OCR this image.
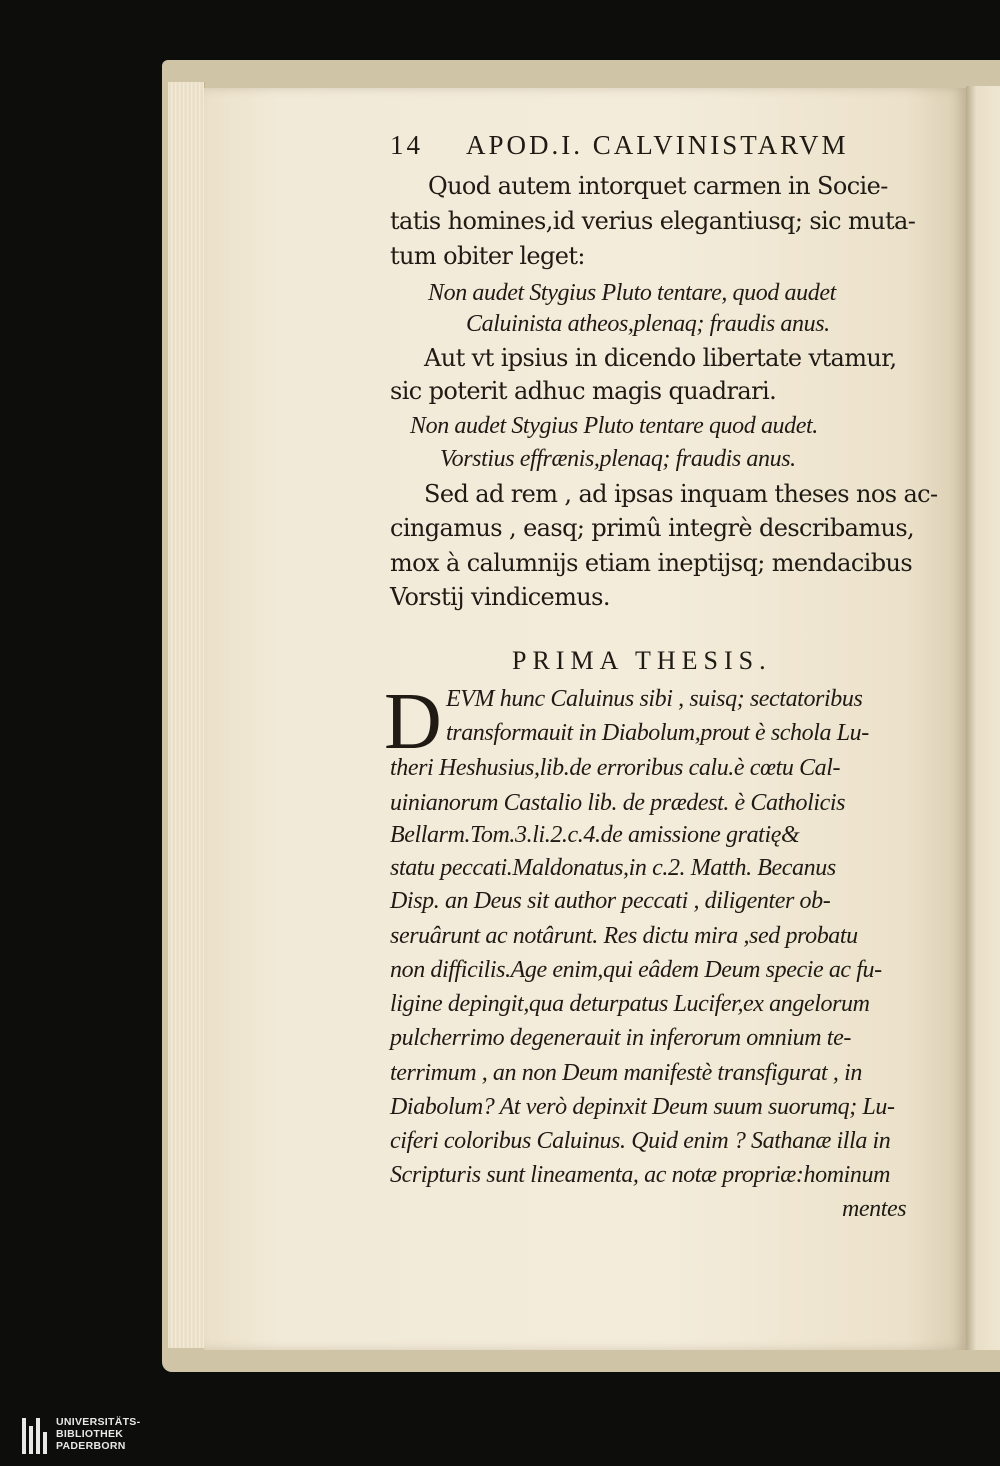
14 APOD.I. CALVINISTARVM
Quod autem intorquet carmen in Socie-
tatis homines,id verius elegantiusq; sic muta-
tum obiter leget:
Non audet Stygius Pluto tentare, quod audet
Caluinista atheos,plenaq; fraudis anus.
Aut vt ipsius in dicendo libertate vtamur,
sic poterit adhuc magis quadrari.
Non audet Stygius Pluto tentare quod audet.
Vorstius effrænis,plenaq; fraudis anus.
Sed ad rem , ad ipsas inquam theses nos ac-
cingamus , easq; primû integrè describamus,
mox à calumnijs etiam ineptijsq; mendacibus
Vorstij vindicemus.
PRIMA THESIS.
D EVM hunc Caluinus sibi , suisq; sectatoribus
transformauit in Diabolum,prout è schola Lu-
theri Heshusius,lib.de erroribus calu.è cœtu Cal-
uinianorum Castalio lib. de prædest. è Catholicis
Bellarm.Tom.3.li.2.c.4.de amissione gratię&
statu peccati.Maldonatus,in c.2. Matth. Becanus
Disp. an Deus sit author peccati , diligenter ob-
seruârunt ac notârunt. Res dictu mira ,sed probatu
non difficilis.Age enim,qui eâdem Deum specie ac fu-
ligine depingit,qua deturpatus Lucifer,ex angelorum
pulcherrimo degenerauit in inferorum omnium te-
terrimum , an non Deum manifestè transfigurat , in
Diabolum? At verò depinxit Deum suum suorumq; Lu-
ciferi coloribus Caluinus. Quid enim ? Sathanæ illa in
Scripturis sunt lineamenta, ac notæ propriæ:hominum
mentes
UNIVERSITÄTS-
BIBLIOTHEK
PADERBORN
